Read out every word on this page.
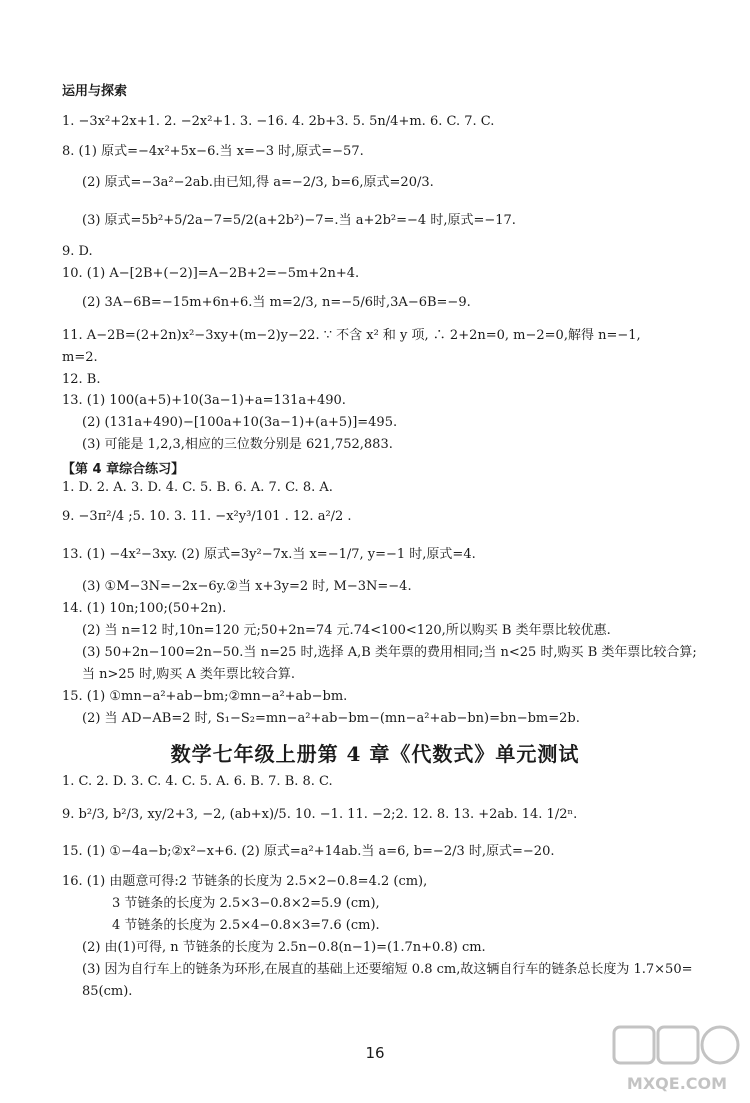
运用与探索
1. −3x²+2x+1. 2. −2x²+1. 3. −16. 4. 2b+3. 5. 5n/4+m. 6. C. 7. C.
8. (1) 原式=−4x²+5x−6.当 x=−3 时,原式=−57.
(2) 原式=−3a²−2ab.由已知,得 a=−2/3, b=6,原式=20/3.
(3) 原式=5b²+5/2a−7=5/2(a+2b²)−7=.当 a+2b²=−4 时,原式=−17.
9. D.
10. (1) A−[2B+(−2)]=A−2B+2=−5m+2n+4.
(2) 3A−6B=−15m+6n+6.当 m=2/3, n=−5/6时,3A−6B=−9.
11. A−2B=(2+2n)x²−3xy+(m−2)y−22. ∵ 不含 x² 和 y 项, ∴ 2+2n=0, m−2=0,解得 n=−1,
m=2.
12. B.
13. (1) 100(a+5)+10(3a−1)+a=131a+490.
(2) (131a+490)−[100a+10(3a−1)+(a+5)]=495.
(3) 可能是 1,2,3,相应的三位数分别是 621,752,883.
【第 4 章综合练习】
1. D. 2. A. 3. D. 4. C. 5. B. 6. A. 7. C. 8. A.
9. −3π²/4 ;5. 10. 3. 11. −x²y³/101 . 12. a²/2 .
13. (1) −4x²−3xy. (2) 原式=3y²−7x.当 x=−1/7, y=−1 时,原式=4.
(3) ①M−3N=−2x−6y.②当 x+3y=2 时, M−3N=−4.
14. (1) 10n;100;(50+2n).
(2) 当 n=12 时,10n=120 元;50+2n=74 元.74<100<120,所以购买 B 类年票比较优惠.
(3) 50+2n−100=2n−50.当 n=25 时,选择 A,B 类年票的费用相同;当 n<25 时,购买 B 类年票比较合算;
当 n>25 时,购买 A 类年票比较合算.
15. (1) ①mn−a²+ab−bm;②mn−a²+ab−bm.
(2) 当 AD−AB=2 时, S₁−S₂=mn−a²+ab−bm−(mn−a²+ab−bn)=bn−bm=2b.
数学七年级上册第 4 章《代数式》单元测试
1. C. 2. D. 3. C. 4. C. 5. A. 6. B. 7. B. 8. C.
9. b²/3, b²/3, xy/2+3, −2, (ab+x)/5. 10. −1. 11. −2;2. 12. 8. 13. +2ab. 14. 1/2ⁿ.
15. (1) ①−4a−b;②x²−x+6. (2) 原式=a²+14ab.当 a=6, b=−2/3 时,原式=−20.
16. (1) 由题意可得:2 节链条的长度为 2.5×2−0.8=4.2 (cm),
3 节链条的长度为 2.5×3−0.8×2=5.9 (cm),
4 节链条的长度为 2.5×4−0.8×3=7.6 (cm).
(2) 由(1)可得, n 节链条的长度为 2.5n−0.8(n−1)=(1.7n+0.8) cm.
(3) 因为自行车上的链条为环形,在展直的基础上还要缩短 0.8 cm,故这辆自行车的链条总长度为 1.7×50=
85(cm).
16
MXQE.COM
